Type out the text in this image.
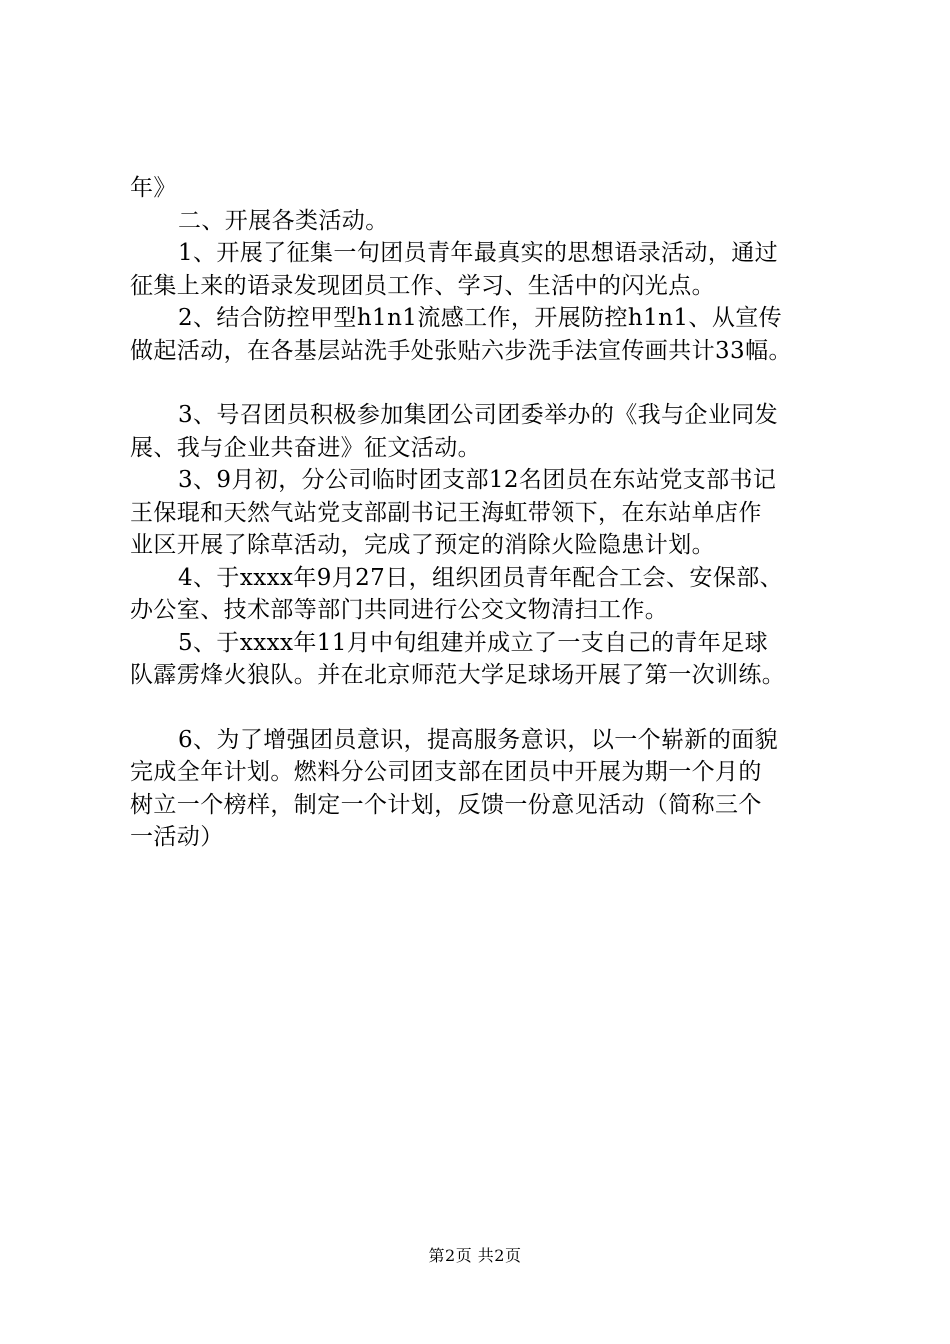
年》
二、开展各类活动。
1、开展了征集一句团员青年最真实的思想语录活动，通过
征集上来的语录发现团员工作、学习、生活中的闪光点。
2、结合防控甲型h1n1流感工作，开展防控h1n1、从宣传
做起活动，在各基层站洗手处张贴六步洗手法宣传画共计33幅。
3、号召团员积极参加集团公司团委举办的《我与企业同发
展、我与企业共奋进》征文活动。
3、9月初，分公司临时团支部12名团员在东站党支部书记
王保琨和天然气站党支部副书记王海虹带领下，在东站单店作
业区开展了除草活动，完成了预定的消除火险隐患计划。
4、于xxxx年9月27日，组织团员青年配合工会、安保部、
办公室、技术部等部门共同进行公交文物清扫工作。
5、于xxxx年11月中旬组建并成立了一支自己的青年足球
队霹雳烽火狼队。并在北京师范大学足球场开展了第一次训练。
6、为了增强团员意识，提高服务意识，以一个崭新的面貌
完成全年计划。燃料分公司团支部在团员中开展为期一个月的
树立一个榜样，制定一个计划，反馈一份意见活动（简称三个
一活动）
第2页 共2页
